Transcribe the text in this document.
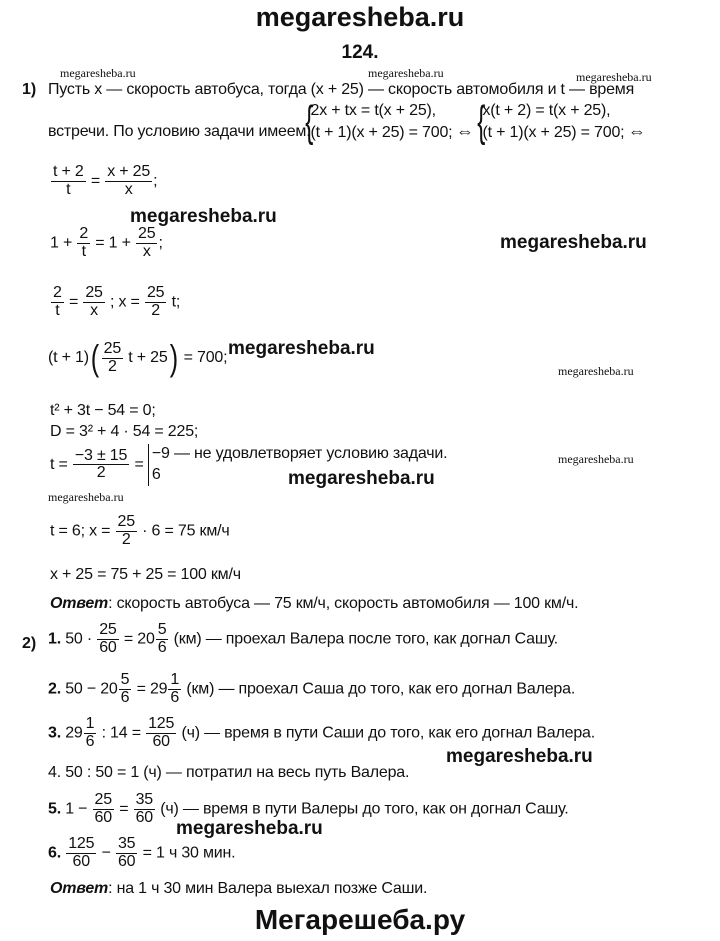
megaresheba.ru
124.
megaresheba.ru	megaresheba.ru	megaresheba.ru
1) Пусть x — скорость автобуса, тогда (x + 25) — скорость автомобиля и t — время
встречи. По условию задачи имеем:
{
2x + tx = t(x + 25),
(t + 1)(x + 25) = 700; ⇔ {
x(t + 2) = t(x + 25),
(t + 1)(x + 25) = 700; ⇔
$\frac{t + 2}{t} = \frac{x + 25}{x}$ ;
megaresheba.ru
$1 + \frac{2}{t} = 1 + \frac{25}{x}$ ;	megaresheba.ru
$\frac{2}{t} = \frac{25}{x}$ ; $x = \frac{25}{2} t$;
$(t + 1)( \frac{25}{2}$ t + 25) = 700; megaresheba.ru
megaresheba.ru
t² + 3t − 54 = 0;
D = 3² + 4 · 54 = 225;
$t = \frac{-3 \pm 15}{2}$ =
−9 — не удовлетворяет условию задачи.
6
megaresheba.ru
megaresheba.ru
megaresheba.ru
t = 6; $x = \frac{25}{2} \cdot 6 = 75$ км/ч
x + 25 = 75 + 25 = 100 км/ч
Ответ: скорость автобуса — 75 км/ч, скорость автомобиля — 100 км/ч.
2) 1. $50 \cdot \frac{25}{60} = 20 \frac{5}{6} (км)$ — проехал Валера после того, как догнал Сашу.
2. $50 - 20 \frac{5}{6} = 29 \frac{1}{6} (км)$ — проехал Саша до того, как его догнал Валера.
3. $29 \frac{1}{6}$ : $14 = \frac{125}{60} (ч)$ — время в пути Саши до того, как его догнал Валера.
megaresheba.ru
4. 50 : 50 = 1 (ч) — потратил на весь путь Валера.
5. $1 - \frac{25}{60} = \frac{35}{60} (ч)$ — время в пути Валеры до того, как он догнал Сашу.
megaresheba.ru
6. $\frac{125}{60} - \frac{35}{60} = 1$ ч 30 мин.
Ответ: на 1 ч 30 мин Валера выехал позже Саши.
Мегарешеба.ру
